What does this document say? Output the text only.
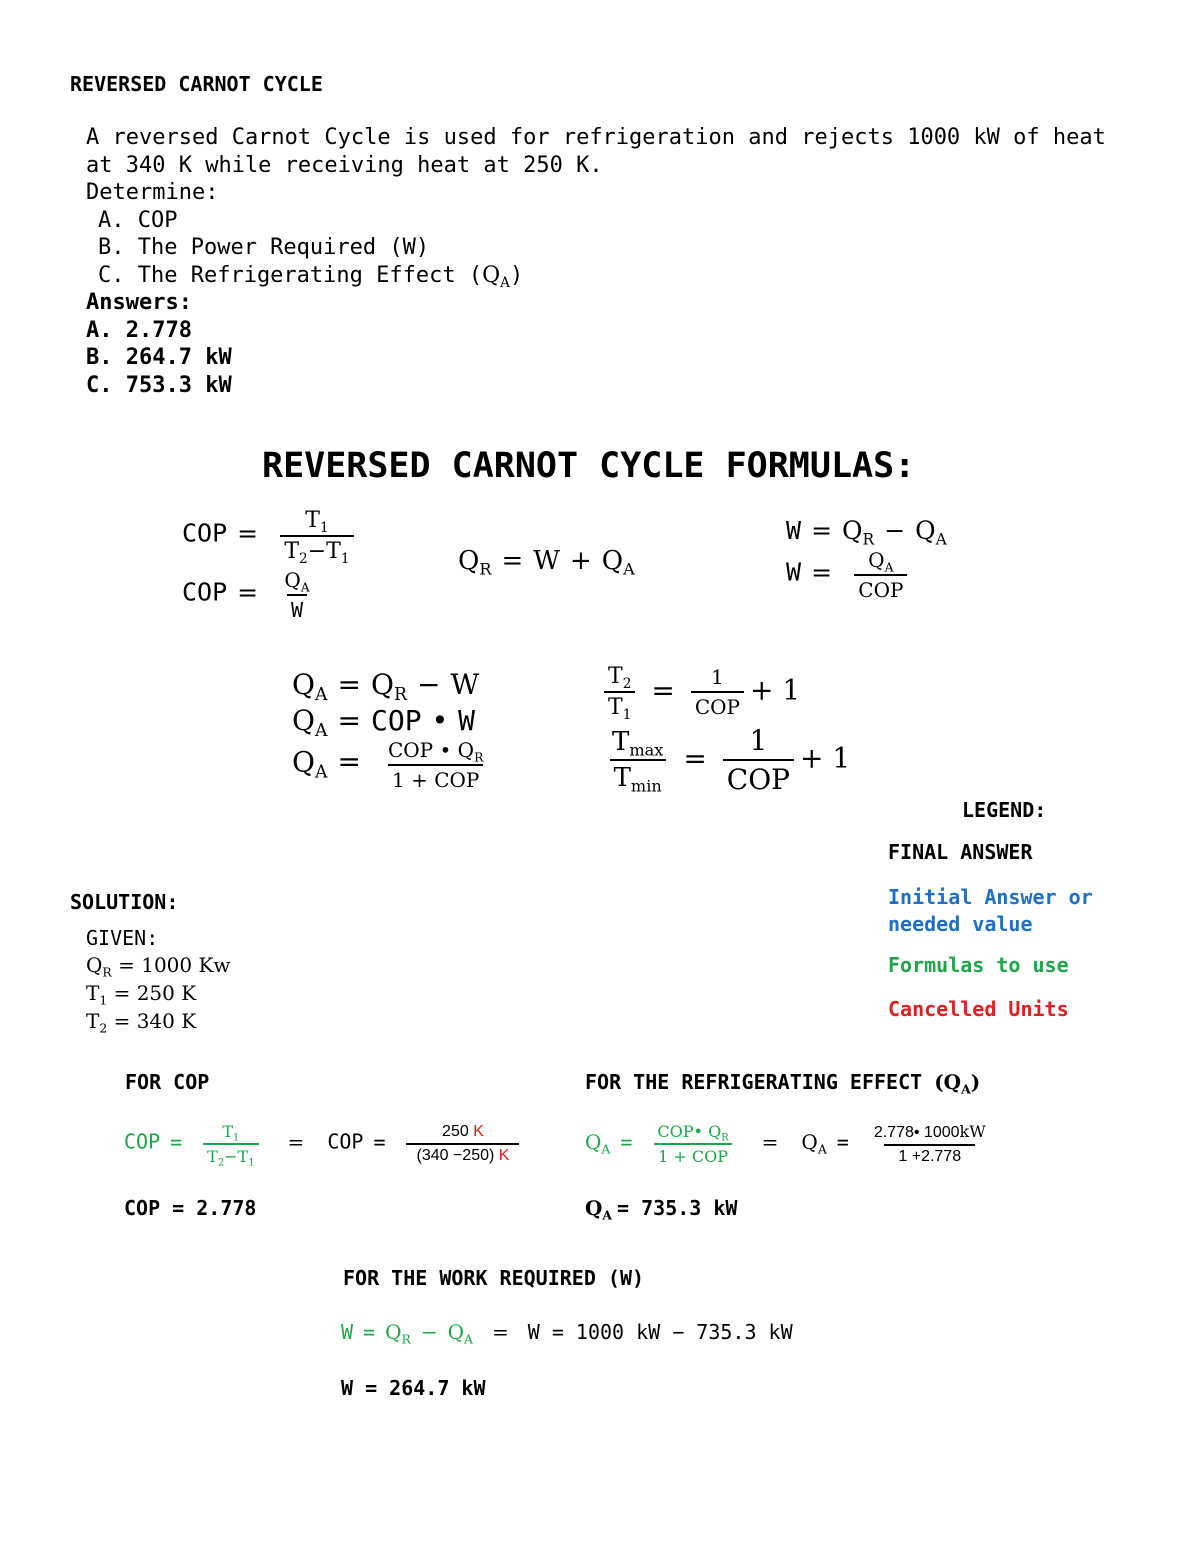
REVERSED CARNOT CYCLE
A reversed Carnot Cycle is used for refrigeration and rejects 1000 kW of heat
at 340 K while receiving heat at 250 K.
Determine:
A. COP
B. The Power Required (W)
C. The Refrigerating Effect $(Q_A)$
Answers:
A. 2.778
B. 264.7 kW
C. 753.3 kW
REVERSED CARNOT CYCLE FORMULAS:
COP = $\frac{T_1}{T_2-T_1}$
COP = $\frac{Q_A}{W}$
$Q_R = W + Q_A$
$W = Q_R - Q_A$
$W = \frac{Q_A}{\text{COP}}$
$Q_A = Q_R - W$
$Q_A$ = COP • W
$Q_A = \frac{COP • Q_R}{\text{1 + COP}}$
$\frac{T_2}{T_1} = \frac{1}{\text{COP}} + 1$
$\frac{T_{max}}{T_{min}} = \frac{1}{\text{COP}} + 1$
LEGEND:
FINAL ANSWER
Initial Answer or
needed value
Formulas to use
Cancelled Units
SOLUTION:
GIVEN:
$Q_R = 1000$ Kw
$T_1 = 250$ K
$T_2 = 340$ K
FOR COP
COP = $\frac{T_1}{T_2-T_1}$ = COP = $\frac{250 K}{(340 -250) K}$
COP = 2.778
FOR THE REFRIGERATING EFFECT $(Q_A)$
$Q_A = \frac{COP• Q_R}{\text{1 + COP}} = Q_A = \frac{2.778• 1000kW}{1 +2.778}$
$Q_A = 735.3$ kW
FOR THE WORK REQUIRED (W)
$W = Q_R - Q_A = W = 1000$ kW − 735.3 kW
W = 264.7 kW
